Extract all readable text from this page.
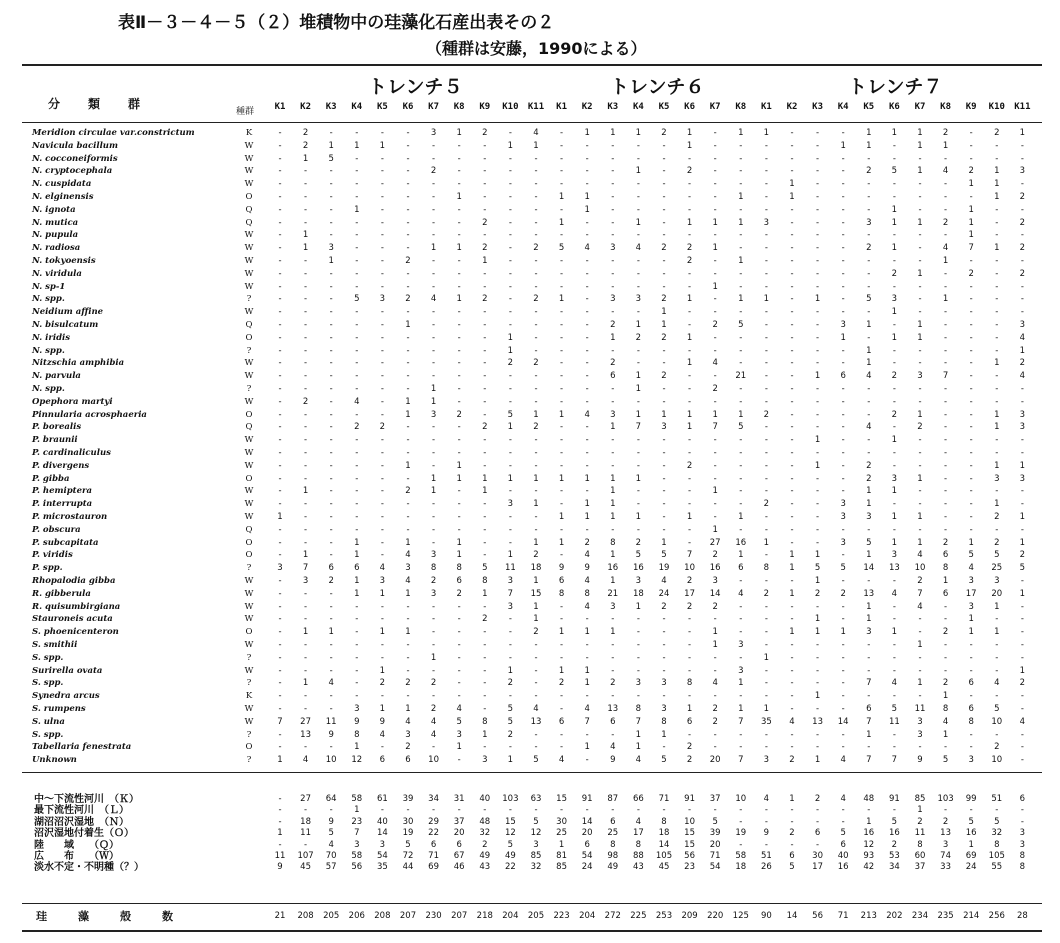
表Ⅱ－３－４－５（２）堆積物中の珪藻化石産出表その２
（種群は安藤，1990による）
分　類　群
トレンチ５	トレンチ６	トレンチ７
種群	K1	K2	K3	K4	K5	K6	K7	K8	K9	K10	K11	K1	K2	K3	K4	K5	K6	K7	K8	K1	K2	K3	K4	K5	K6	K7	K8	K9	K10	K11
Meridion circulae var.constrictum	K	-	2	-	-	-	-	3	1	2	-	4	-	1	1	1	2	1	-	1	1	-	-	-	1	1	1	2	-	2	1
Navicula bacillum	W	-	2	1	1	1	-	-	-	-	1	1	-	-	-	-	-	1	-	-	-	-	-	1	1	-	1	1	-	-	-
N. cocconeiformis	W	-	1	5	-	-	-	-	-	-	-	-	-	-	-	-	-	-	-	-	-	-	-	-	-	-	-	-	-	-	-
N. cryptocephala	W	-	-	-	-	-	-	2	-	-	-	-	-	-	-	1	-	2	-	-	-	-	-	-	2	5	1	4	2	1	3
N. cuspidata	W	-	-	-	-	-	-	-	-	-	-	-	-	-	-	-	-	-	-	-	-	1	-	-	-	-	-	-	1	1	-
N. elginensis	O	-	-	-	-	-	-	-	1	-	-	-	1	1	-	-	-	-	-	1	-	1	-	-	-	-	-	-	-	1	2
N. ignota	Q	-	-	-	1	-	-	-	-	-	-	-	-	1	-	-	-	-	-	-	-	-	-	-	-	1	-	-	1	-	-
N. mutica	Q	-	-	-	-	-	-	-	-	2	-	-	1	-	-	1	-	1	1	1	3	-	-	-	3	1	1	2	1	-	2
N. pupula	W	-	1	-	-	-	-	-	-	-	-	-	-	-	-	-	-	-	-	-	-	-	-	-	-	-	-	-	1	-	-
N. radiosa	W	-	1	3	-	-	-	1	1	2	-	2	5	4	3	4	2	2	1	-	-	-	-	-	2	1	-	4	7	1	2
N. tokyoensis	W	-	-	1	-	-	2	-	-	1	-	-	-	-	-	-	-	2	-	1	-	-	-	-	-	-	-	1	-	-	-
N. viridula	W	-	-	-	-	-	-	-	-	-	-	-	-	-	-	-	-	-	-	-	-	-	-	-	-	2	1	-	2	-	2
N. sp-1	W	-	-	-	-	-	-	-	-	-	-	-	-	-	-	-	-	-	1	-	-	-	-	-	-	-	-	-	-	-	-
N. spp.	?	-	-	-	5	3	2	4	1	2	-	2	1	-	3	3	2	1	-	1	1	-	1	-	5	3	-	1	-	-	-
Neidium affine	W	-	-	-	-	-	-	-	-	-	-	-	-	-	-	-	1	-	-	-	-	-	-	-	-	1	-	-	-	-	-
N. bisulcatum	Q	-	-	-	-	-	1	-	-	-	-	-	-	-	2	1	1	-	2	5	-	-	-	3	1	-	1	-	-	-	3
N. iridis	O	-	-	-	-	-	-	-	-	-	1	-	-	-	1	2	2	1	-	-	-	-	-	1	-	1	1	-	-	-	4
N. spp.	?	-	-	-	-	-	-	-	-	-	1	-	-	-	-	-	-	-	-	-	-	-	-	-	1	-	-	-	-	-	1
Nitzschia amphibia	W	-	-	-	-	-	-	-	-	-	2	2	-	-	2	-	-	1	4	-	-	-	-	-	1	-	-	-	-	1	2
N. parvula	W	-	-	-	-	-	-	-	-	-	-	-	-	-	6	1	2	-	-	21	-	-	1	6	4	2	3	7	-	-	4
N. spp.	?	-	-	-	-	-	-	1	-	-	-	-	-	-	-	1	-	-	2	-	-	-	-	-	-	-	-	-	-	-	-
Opephora martyi	W	-	2	-	4	-	1	1	-	-	-	-	-	-	-	-	-	-	-	-	-	-	-	-	-	-	-	-	-	-	-
Pinnularia acrosphaeria	O	-	-	-	-	-	1	3	2	-	5	1	1	4	3	1	1	1	1	1	2	-	-	-	-	2	1	-	-	1	3
P. borealis	Q	-	-	-	2	2	-	-	-	2	1	2	-	-	1	7	3	1	7	5	-	-	-	-	4	-	2	-	-	1	3
P. braunii	W	-	-	-	-	-	-	-	-	-	-	-	-	-	-	-	-	-	-	-	-	-	1	-	-	1	-	-	-	-	-
P. cardinaliculus	W	-	-	-	-	-	-	-	-	-	-	-	-	-	-	-	-	-	-	-	-	-	-	-	-	-	-	-	-	-	-
P. divergens	W	-	-	-	-	-	1	-	1	-	-	-	-	-	-	-	-	2	-	-	-	-	1	-	2	-	-	-	-	1	1
P. gibba	O	-	-	-	-	-	-	1	1	1	1	1	1	1	1	1	-	-	-	-	-	-	-	-	2	3	1	-	-	3	3
P. hemiptera	W	-	1	-	-	-	2	1	-	1	-	-	-	-	1	-	-	-	1	-	-	-	-	-	1	1	-	-	-	-	-
P. interrupta	W	-	-	-	-	-	-	-	-	-	3	1	-	1	1	-	-	-	-	-	2	-	-	3	1	-	-	-	-	1	-
P. microstauron	W	1	-	-	-	-	-	-	-	-	-	-	1	1	1	1	-	1	-	1	-	-	-	3	3	1	1	-	-	2	1
P. obscura	Q	-	-	-	-	-	-	-	-	-	-	-	-	-	-	-	-	-	1	-	-	-	-	-	-	-	-	-	-	-	-
P. subcapitata	O	-	-	-	1	-	1	-	1	-	-	1	1	2	8	2	1	-	27	16	1	-	-	3	5	1	1	2	1	2	1
P. viridis	O	-	1	-	1	-	4	3	1	-	1	2	-	4	1	5	5	7	2	1	-	1	1	-	1	3	4	6	5	5	2
P. spp.	?	3	7	6	6	4	3	8	8	5	11	18	9	9	16	16	19	10	16	6	8	1	5	5	14	13	10	8	4	25	5
Rhopalodia gibba	W	-	3	2	1	3	4	2	6	8	3	1	6	4	1	3	4	2	3	-	-	-	1	-	-	-	2	1	3	3	-
R. gibberula	W	-	-	-	1	1	1	3	2	1	7	15	8	8	21	18	24	17	14	4	2	1	2	2	13	4	7	6	17	20	1
R. quisumbirgiana	W	-	-	-	-	-	-	-	-	-	3	1	-	4	3	1	2	2	2	-	-	-	-	-	1	-	4	-	3	1	-
Stauroneis acuta	W	-	-	-	-	-	-	-	-	2	-	1	-	-	-	-	-	-	-	-	-	-	1	-	1	-	-	-	1	-	-
S. phoenicenteron	O	-	1	1	-	1	1	-	-	-	-	2	1	1	1	-	-	-	1	-	-	1	1	1	3	1	-	2	1	1	-
S. smithii	W	-	-	-	-	-	-	-	-	-	-	-	-	-	-	-	-	-	1	3	-	-	-	-	-	-	1	-	-	-	-
S. spp.	?	-	-	-	-	-	-	1	-	-	-	-	-	-	-	-	-	-	-	-	1	-	-	-	-	-	-	-	-	-	-
Surirella ovata	W	-	-	-	-	1	-	-	-	-	1	-	1	1	-	-	-	-	-	3	-	-	-	-	-	-	-	-	-	-	1
S. spp.	?	-	1	4	-	2	2	2	-	-	2	-	2	1	2	3	3	8	4	1	-	-	-	-	7	4	1	2	6	4	2
Synedra arcus	K	-	-	-	-	-	-	-	-	-	-	-	-	-	-	-	-	-	-	-	-	-	1	-	-	-	-	1	-	-	-
S. rumpens	W	-	-	-	3	1	1	2	4	-	5	4	-	4	13	8	3	1	2	1	1	-	-	-	6	5	11	8	6	5	-
S. ulna	W	7	27	11	9	9	4	4	5	8	5	13	6	7	6	7	8	6	2	7	35	4	13	14	7	11	3	4	8	10	4
S. spp.	?	-	13	9	8	4	3	4	3	1	2	-	-	-	-	1	1	-	-	-	-	-	-	-	1	-	3	1	-	-	-
Tabellaria fenestrata	O	-	-	-	1	-	2	-	1	-	-	-	-	1	4	1	-	2	-	-	-	-	-	-	-	-	-	-	-	2	-
Unknown	?	1	4	10	12	6	6	10	-	3	1	5	4	-	9	4	5	2	20	7	3	2	1	4	7	7	9	5	3	10	-
中～下流性河川　（Ｋ）	-	27	64	58	61	39	34	31	40	103	63	15	91	87	66	71	91	37	10	4	1	2	4	48	91	85	103	99	51	6
最下流性河川　（Ｌ）	-	-	-	1	-	-	-	-	-	-	-	-	-	-	-	-	-	-	-	-	-	-	-	-	-	1	-	-	-	-
湖沼沼沢湿地　（Ｎ）	-	18	9	23	40	30	29	37	48	15	5	30	14	6	4	8	10	5	-	-	-	-	-	1	5	2	2	5	5	-
沼沢湿地付着生（Ｏ）	1	11	5	7	14	19	22	20	32	12	12	25	20	25	17	18	15	39	19	9	2	6	5	16	16	11	13	16	32	3
陸　　域　　（Ｑ）	-	-	4	3	3	5	6	6	2	5	3	1	6	8	8	14	15	20	-	-	-	-	6	12	2	8	3	1	8	3
広　　布　　（Ｗ）	11	107	70	58	54	72	71	67	49	49	85	81	54	98	88	105	56	71	58	51	6	30	40	93	53	60	74	69	105	8
淡水不定・不明種（？）	9	45	57	56	35	44	69	46	43	22	32	85	24	49	43	45	23	54	18	26	5	17	16	42	34	37	33	24	55	8
珪　藻　殻　数	21	208	205	206	208	207	230	207	218	204	205	223	204	272	225	253	209	220	125	90	14	56	71	213	202	234	235	214	256	28
